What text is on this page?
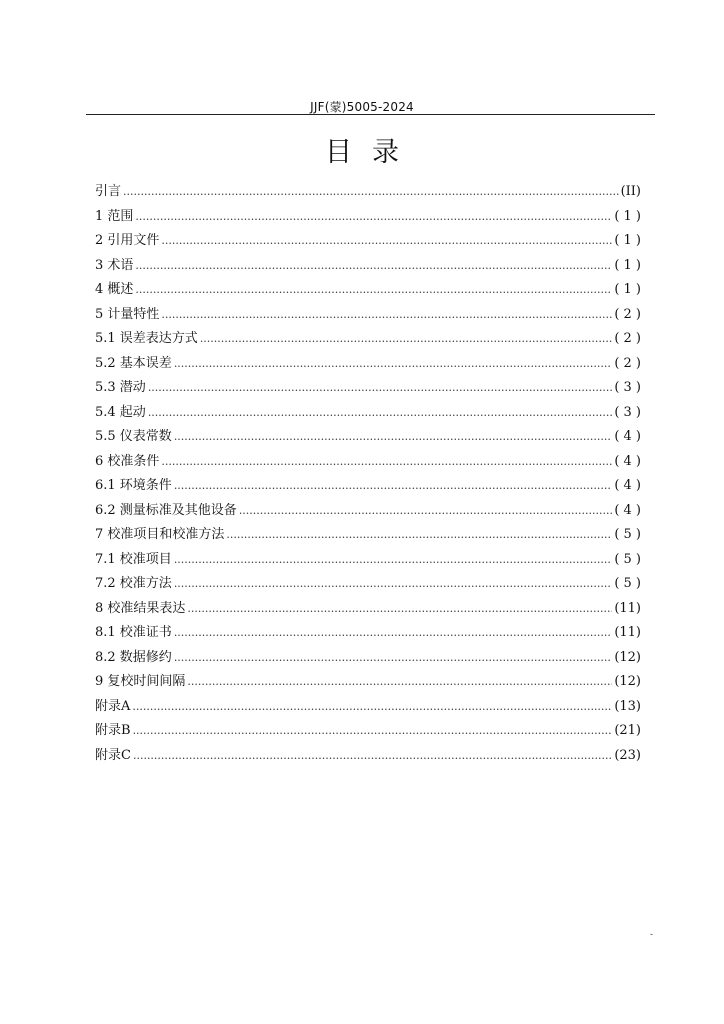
JJF(蒙)5005-2024
目录
引言 .....	(II)
1 范围 .....	( 1 )
2 引用文件 .....	( 1 )
3 术语 .....	( 1 )
4 概述 .....	( 1 )
5 计量特性 .....	( 2 )
5.1 误差表达方式 .....	( 2 )
5.2 基本误差 .....	( 2 )
5.3 潜动 .....	( 3 )
5.4 起动 .....	( 3 )
5.5 仪表常数 .....	( 4 )
6 校准条件 .....	( 4 )
6.1 环境条件 .....	( 4 )
6.2 测量标准及其他设备 .....	( 4 )
7 校准项目和校准方法 .....	( 5 )
7.1 校准项目 .....	( 5 )
7.2 校准方法 .....	( 5 )
8 校准结果表达 .....	(11)
8.1 校准证书 .....	(11)
8.2 数据修约 .....	(12)
9 复校时间间隔 .....	(12)
附录A .....	(13)
附录B .....	(21)
附录C .....	(23)
-
